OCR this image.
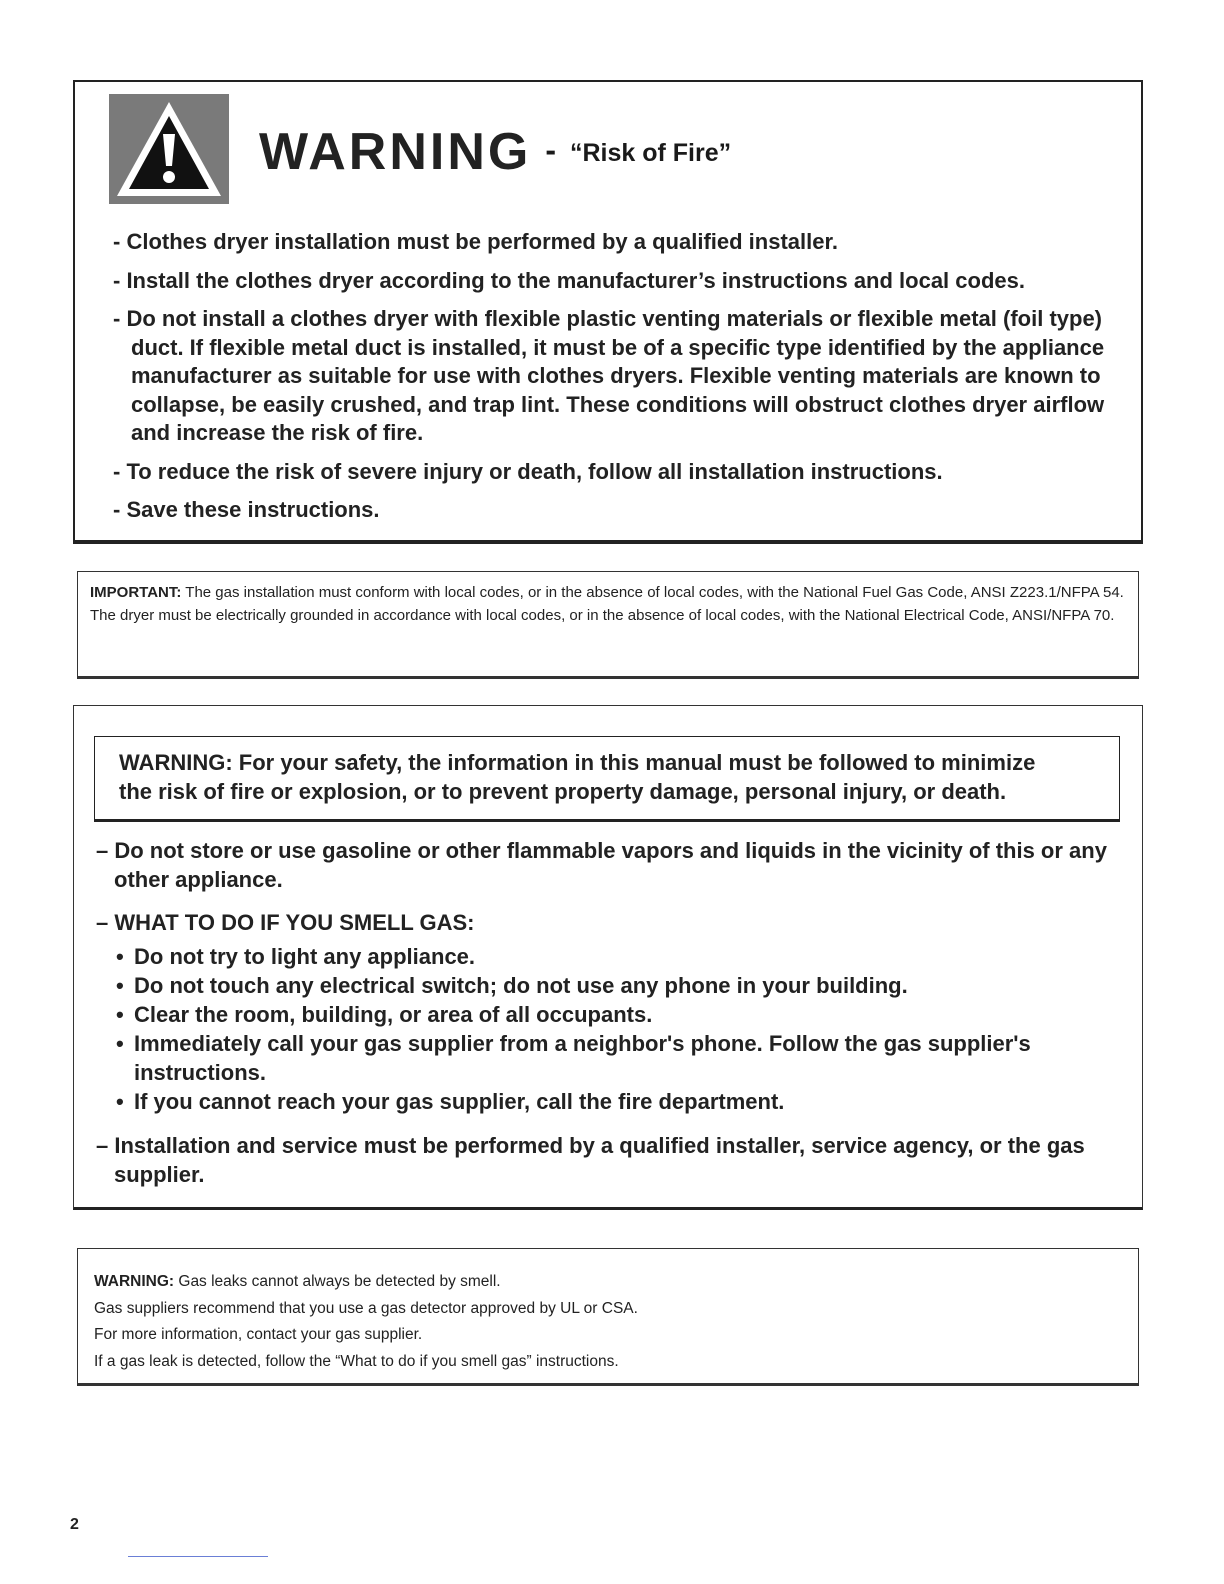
WARNING - “Risk of Fire”
- Clothes dryer installation must be performed by a qualified installer.
- Install the clothes dryer according to the manufacturer’s instructions and local codes.
- Do not install a clothes dryer with flexible plastic venting materials or flexible metal (foil type) duct. If flexible metal duct is installed, it must be of a specific type identified by the appliance manufacturer as suitable for use with clothes dryers. Flexible venting materials are known to collapse, be easily crushed, and trap lint. These conditions will obstruct clothes dryer airflow and increase the risk of fire.
- To reduce the risk of severe injury or death, follow all installation instructions.
- Save these instructions.

IMPORTANT: The gas installation must conform with local codes, or in the absence of local codes, with the National Fuel Gas Code, ANSI Z223.1/NFPA 54.

The dryer must be electrically grounded in accordance with local codes, or in the absence of local codes, with the National Electrical Code, ANSI/NFPA 70.

WARNING: For your safety, the information in this manual must be followed to minimize
the risk of fire or explosion, or to prevent property damage, personal injury, or death.
– Do not store or use gasoline or other flammable vapors and liquids in the vicinity of this or any other appliance.
– WHAT TO DO IF YOU SMELL GAS:
• Do not try to light any appliance.
• Do not touch any electrical switch; do not use any phone in your building.
• Clear the room, building, or area of all occupants.
• Immediately call your gas supplier from a neighbor's phone. Follow the gas supplier's instructions.
• If you cannot reach your gas supplier, call the fire department.
– Installation and service must be performed by a qualified installer, service agency, or the gas supplier.

WARNING: Gas leaks cannot always be detected by smell.

Gas suppliers recommend that you use a gas detector approved by UL or CSA.

For more information, contact your gas supplier.

If a gas leak is detected, follow the “What to do if you smell gas” instructions.

2
